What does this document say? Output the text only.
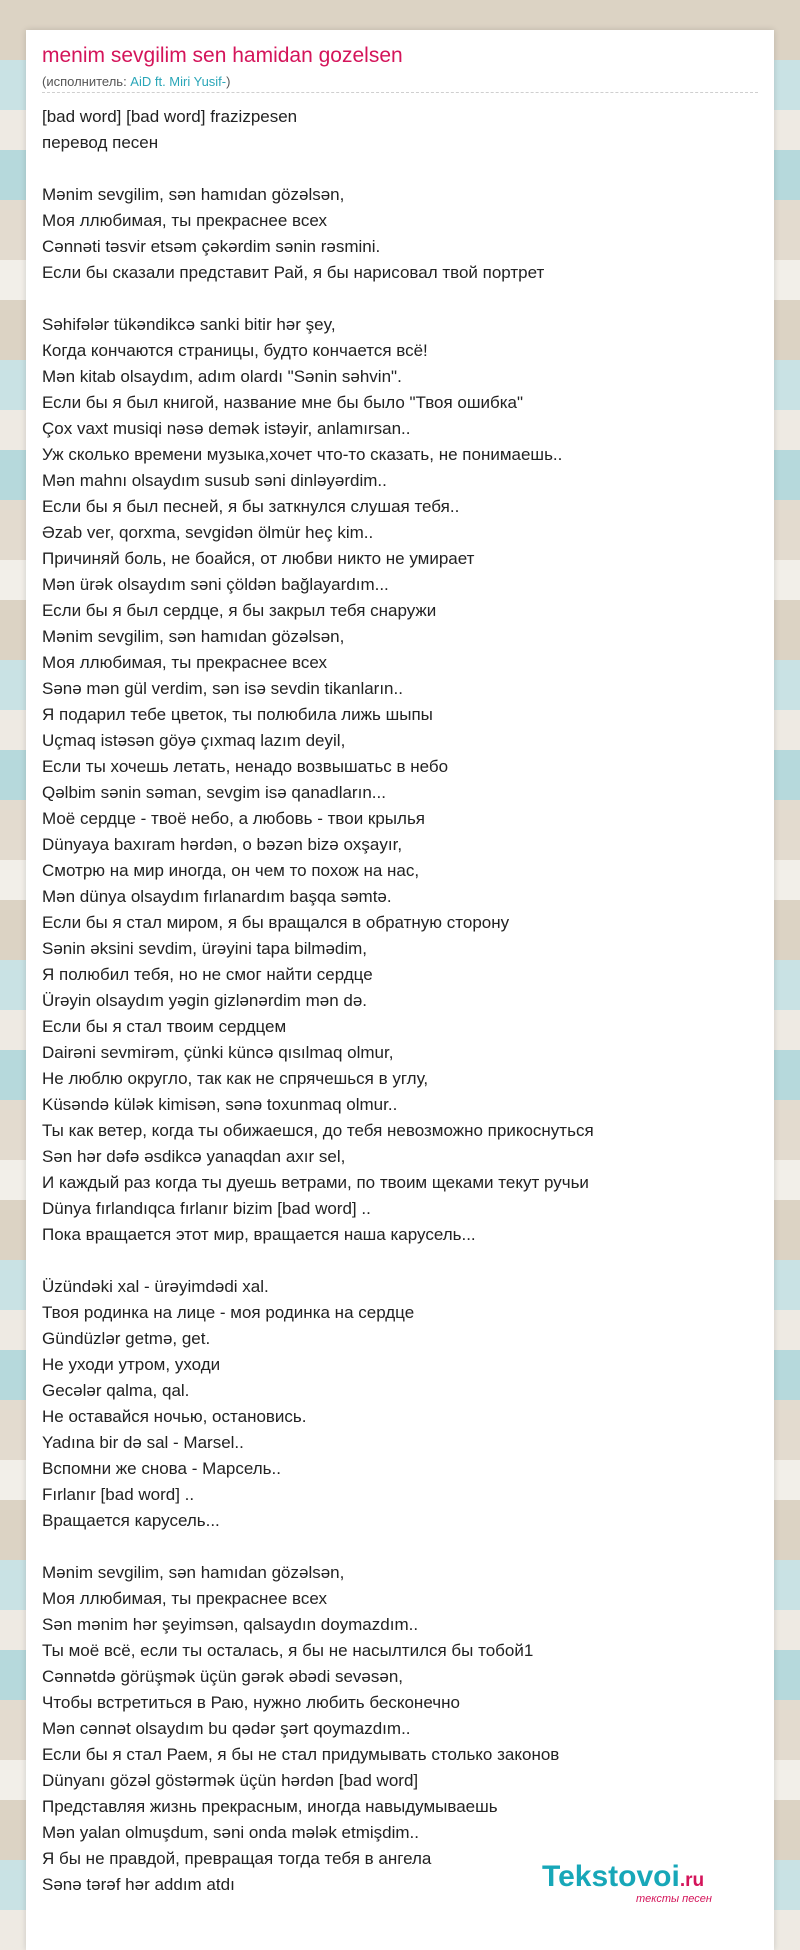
menim sevgilim sen hamidan gozelsen
(исполнитель: AiD ft. Miri Yusif-)
[bad word] [bad word] frazizpesen
перевод песен
Mənim sevgilim, sən hamıdan gözəlsən,
Моя ллюбимая, ты прекраснее всех
Cənnəti təsvir etsəm çəkərdim sənin rəsmini.
Если бы сказали представит Рай, я бы нарисовал твой портрет
Səhifələr tükəndikcə sanki bitir hər şey,
Когда кончаются страницы, будто кончается всё!
Mən kitab olsaydım, adım olardı "Sənin səhvin".
Если бы я был книгой, название мне бы было "Твоя ошибка"
Çox vaxt musiqi nəsə demək istəyir, anlamırsan..
Уж сколько времени музыка,хочет что-то сказать, не понимаешь..
Mən mahnı olsaydım susub səni dinləyərdim..
Если бы я был песней, я бы заткнулся слушая тебя..
Əzab ver, qorxma, sevgidən ölmür heç kim..
Причиняй боль, не боайся, от любви никто не умирает
Mən ürək olsaydım səni çöldən bağlayardım...
Если бы я был сердце, я бы закрыл тебя снаружи
Mənim sevgilim, sən hamıdan gözəlsən,
Моя ллюбимая, ты прекраснее всех
Sənə mən gül verdim, sən isə sevdin tikanların..
Я подарил тебе цветок, ты полюбила лижь шыпы
Uçmaq istəsən göyə çıxmaq lazım deyil,
Если ты хочешь летать, ненадо возвышатьс в небо
Qəlbim sənin səman, sevgim isə qanadların...
Моё сердце - твоё небо, а любовь - твои крылья
Dünyaya baxıram hərdən, o bəzən bizə oxşayır,
Смотрю на мир иногда, он чем то похож на нас,
Mən dünya olsaydım fırlanardım başqa səmtə.
Если бы я стал миром, я бы вращался в обратную сторону
Sənin əksini sevdim, ürəyini tapa bilmədim,
Я полюбил тебя, но не смог найти сердце
Ürəyin olsaydım yəgin gizlənərdim mən də.
Если бы я стал твоим сердцем
Dairəni sevmirəm, çünki küncə qısılmaq olmur,
Не люблю округло, так как не спрячешься в углу,
Küsəndə külək kimisən, sənə toxunmaq olmur..
Ты как ветер, когда ты обижаешся, до тебя невозможно прикоснуться
Sən hər dəfə əsdikcə yanaqdan axır sel,
И каждый раз когда ты дуешь ветрами, по твоим щеками текут ручьи
Dünya fırlandıqca fırlanır bizim [bad word] ..
Пока вращается этот мир, вращается наша карусель...
Üzündəki xal - ürəyimdədi xal.
Твоя родинка на лице - моя родинка на сердце
Gündüzlər getmə, get.
Не уходи утром, уходи
Gecələr qalma, qal.
Не оставайся ночью, остановись.
Yadına bir də sal - Marsel..
Вспомни же снова - Марсель..
Fırlanır [bad word] ..
Вращается карусель...
Mənim sevgilim, sən hamıdan gözəlsən,
Моя ллюбимая, ты прекраснее всех
Sən mənim hər şeyimsən, qalsaydın doymazdım..
Ты моё всё, если ты осталась, я бы не насылтился бы тобой1
Cənnətdə görüşmək üçün gərək əbədi sevəsən,
Чтобы встретиться в Раю, нужно любить бесконечно
Mən cənnət olsaydım bu qədər şərt qoymazdım..
Если бы я стал Раем, я бы не стал придумывать столько законов
Dünyanı gözəl göstərmək üçün hərdən [bad word]
Представляя жизнь прекрасным, иногда навыдумываешь
Mən yalan olmuşdum, səni onda mələk etmişdim..
Я бы не правдой, превращая тогда тебя в ангела
Sənə tərəf hər addım atdı	Tekstovoi.ru
тексты песен
